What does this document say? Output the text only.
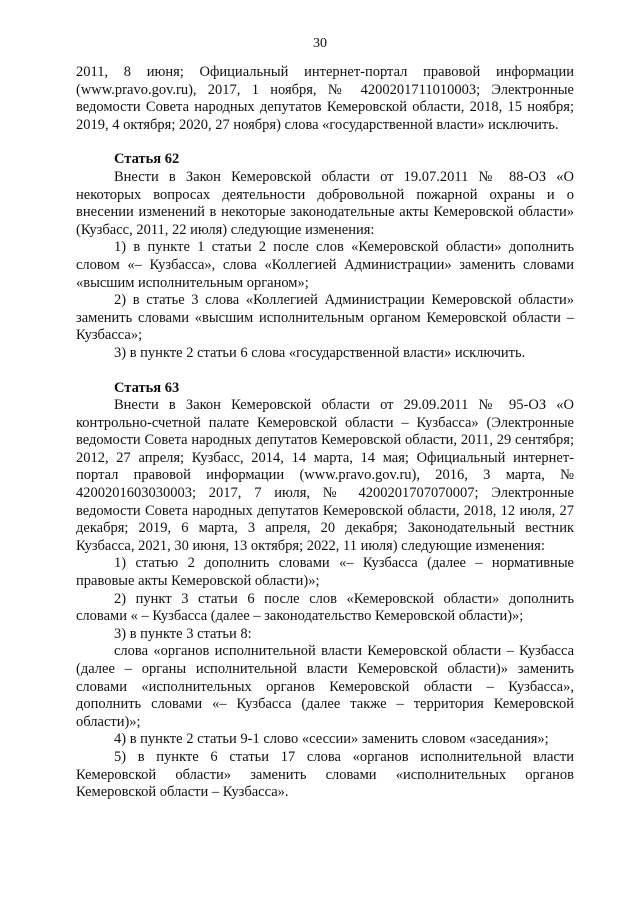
30

2011, 8 июня; Официальный интернет-портал правовой информации (www.pravo.gov.ru), 2017, 1 ноября, № 4200201711010003; Электронные ведомости Совета народных депутатов Кемеровской области, 2018, 15 ноября; 2019, 4 октября; 2020, 27 ноября) слова «государственной власти» исключить.

Статья 62

Внести в Закон Кемеровской области от 19.07.2011 № 88-ОЗ «О некоторых вопросах деятельности добровольной пожарной охраны и о внесении изменений в некоторые законодательные акты Кемеровской области» (Кузбасс, 2011, 22 июля) следующие изменения:

1) в пункте 1 статьи 2 после слов «Кемеровской области» дополнить словом «– Кузбасса», слова «Коллегией Администрации» заменить словами «высшим исполнительным органом»;

2) в статье 3 слова «Коллегией Администрации Кемеровской области» заменить словами «высшим исполнительным органом Кемеровской области – Кузбасса»;

3) в пункте 2 статьи 6 слова «государственной власти» исключить.

Статья 63

Внести в Закон Кемеровской области от 29.09.2011 № 95-ОЗ «О контрольно-счетной палате Кемеровской области – Кузбасса» (Электронные ведомости Совета народных депутатов Кемеровской области, 2011, 29 сентября; 2012, 27 апреля; Кузбасс, 2014, 14 марта, 14 мая; Официальный интернет-портал правовой информации (www.pravo.gov.ru), 2016, 3 марта, № 4200201603030003; 2017, 7 июля, № 4200201707070007; Электронные ведомости Совета народных депутатов Кемеровской области, 2018, 12 июля, 27 декабря; 2019, 6 марта, 3 апреля, 20 декабря; Законодательный вестник Кузбасса, 2021, 30 июня, 13 октября; 2022, 11 июля) следующие изменения:

1) статью 2 дополнить словами «– Кузбасса (далее – нормативные правовые акты Кемеровской области)»;

2) пункт 3 статьи 6 после слов «Кемеровской области» дополнить словами « – Кузбасса (далее – законодательство Кемеровской области)»;

3) в пункте 3 статьи 8:

слова «органов исполнительной власти Кемеровской области – Кузбасса (далее – органы исполнительной власти Кемеровской области)» заменить словами «исполнительных органов Кемеровской области – Кузбасса», дополнить словами «– Кузбасса (далее также – территория Кемеровской области)»;

4) в пункте 2 статьи 9-1 слово «сессии» заменить словом «заседания»;

5) в пункте 6 статьи 17 слова «органов исполнительной власти Кемеровской области» заменить словами «исполнительных органов Кемеровской области – Кузбасса».
